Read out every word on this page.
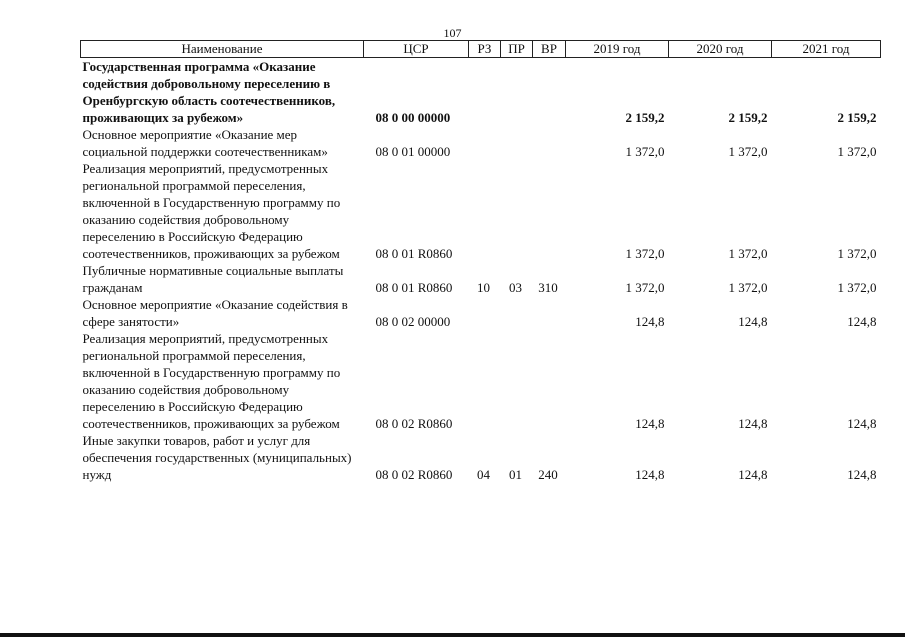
107
Наименование	ЦСР	РЗ	ПР	ВР	2019 год	2020 год	2021 год
Государственная программа «Оказание содействия добровольному переселению в Оренбургскую область соотечественников, проживающих за рубежом»	08 0 00 00000				2 159,2	2 159,2	2 159,2
Основное мероприятие «Оказание мер социальной поддержки соотечественникам»	08 0 01 00000				1 372,0	1 372,0	1 372,0
Реализация мероприятий, предусмотренных региональной программой переселения, включенной в Государственную программу по оказанию содействия добровольному переселению в Российскую Федерацию соотечественников, проживающих за рубежом	08 0 01 R0860				1 372,0	1 372,0	1 372,0
Публичные нормативные социальные выплаты гражданам	08 0 01 R0860	10	03	310	1 372,0	1 372,0	1 372,0
Основное мероприятие «Оказание содействия в сфере занятости»	08 0 02 00000				124,8	124,8	124,8
Реализация мероприятий, предусмотренных региональной программой переселения, включенной в Государственную программу по оказанию содействия добровольному переселению в Российскую Федерацию соотечественников, проживающих за рубежом	08 0 02 R0860				124,8	124,8	124,8
Иные закупки товаров, работ и услуг для обеспечения государственных (муниципальных) нужд	08 0 02 R0860	04	01	240	124,8	124,8	124,8
